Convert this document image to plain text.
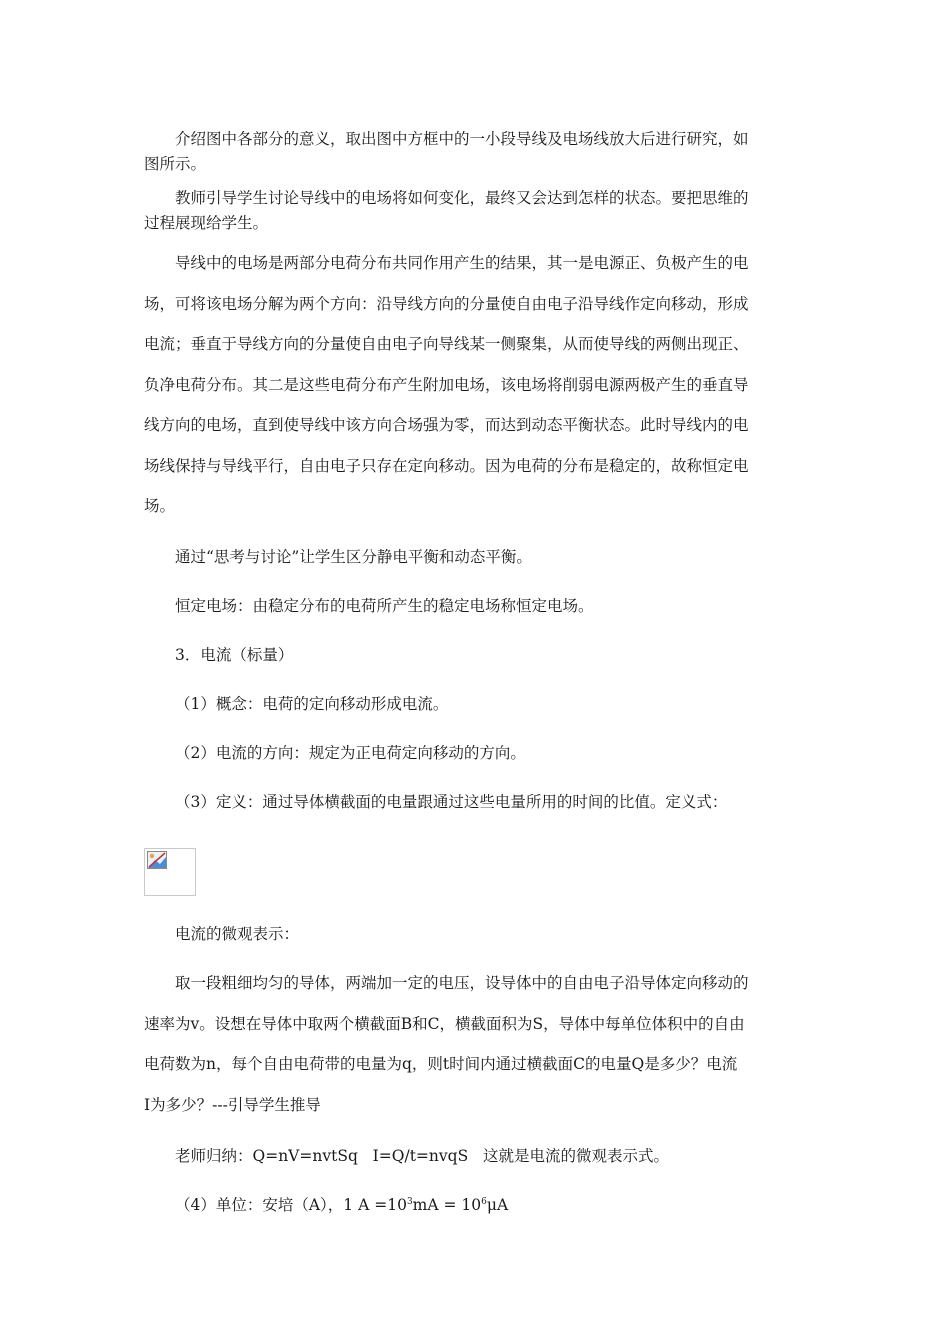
介绍图中各部分的意义，取出图中方框中的一小段导线及电场线放大后进行研究，如
图所示。
教师引导学生讨论导线中的电场将如何变化，最终又会达到怎样的状态。要把思维的
过程展现给学生。
导线中的电场是两部分电荷分布共同作用产生的结果，其一是电源正、负极产生的电
场，可将该电场分解为两个方向：沿导线方向的分量使自由电子沿导线作定向移动，形成
电流；垂直于导线方向的分量使自由电子向导线某一侧聚集，从而使导线的两侧出现正、
负净电荷分布。其二是这些电荷分布产生附加电场，该电场将削弱电源两极产生的垂直导
线方向的电场，直到使导线中该方向合场强为零，而达到动态平衡状态。此时导线内的电
场线保持与导线平行，自由电子只存在定向移动。因为电荷的分布是稳定的，故称恒定电
场。
通过“思考与讨论”让学生区分静电平衡和动态平衡。
恒定电场：由稳定分布的电荷所产生的稳定电场称恒定电场。
3．电流（标量）
（1）概念：电荷的定向移动形成电流。
（2）电流的方向：规定为正电荷定向移动的方向。
（3）定义：通过导体横截面的电量跟通过这些电量所用的时间的比值。定义式：
电流的微观表示：
取一段粗细均匀的导体，两端加一定的电压，设导体中的自由电子沿导体定向移动的
速率为v。设想在导体中取两个横截面B和C，横截面积为S，导体中每单位体积中的自由
电荷数为n，每个自由电荷带的电量为q，则t时间内通过横截面C的电量Q是多少？电流
I为多少？---引导学生推导
老师归纳：Q=nV=nvtSq   I=Q/t=nvqS   这就是电流的微观表示式。
（4）单位：安培（A），1 $A =10^3mA = 10^6\mu A$
